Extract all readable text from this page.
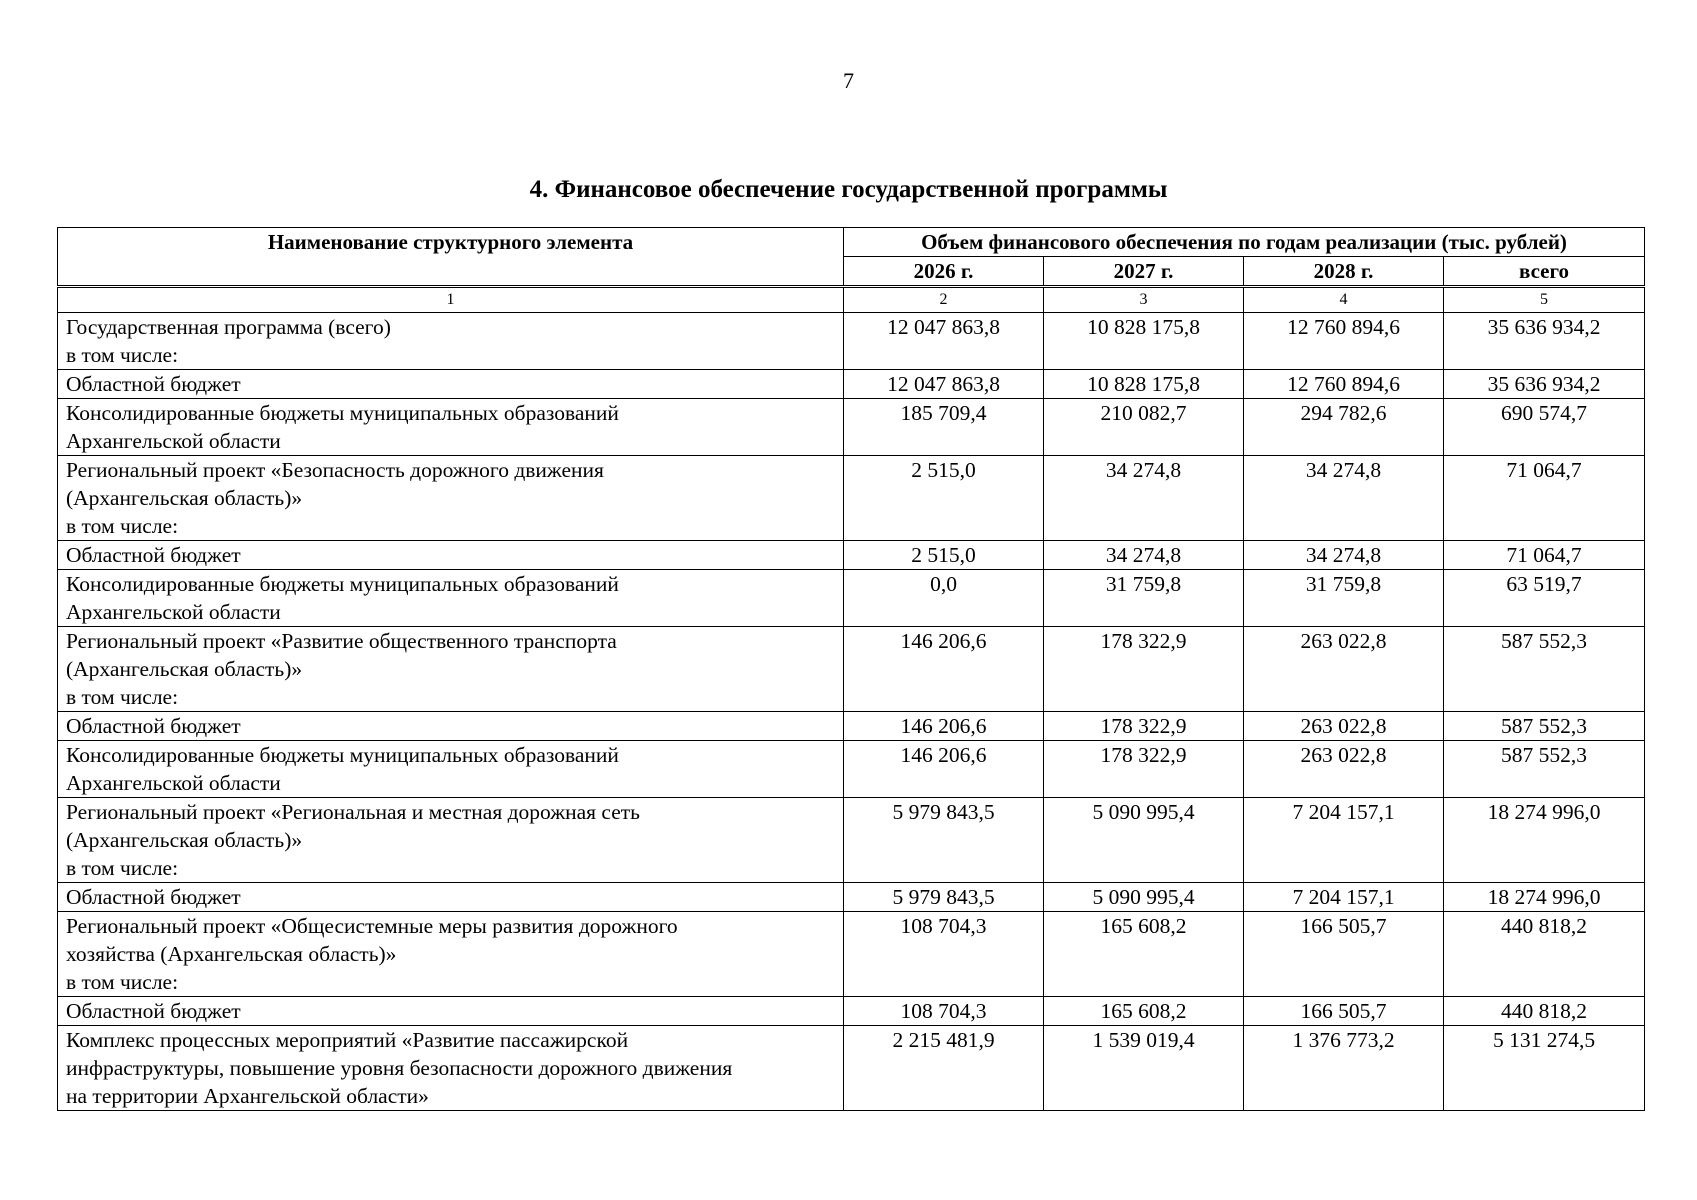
7
4. Финансовое обеспечение государственной программы
Наименование структурного элемента	Объем финансового обеспечения по годам реализации (тыс. рублей)			
	2026 г.	2027 г.	2028 г.	всего

1	2	3	4	5

Государственная программа (всего)
в том числе:	12 047 863,8	10 828 175,8	12 760 894,6	35 636 934,2

Областной бюджет	12 047 863,8	10 828 175,8	12 760 894,6	35 636 934,2

Консолидированные бюджеты муниципальных образований
Архангельской области	185 709,4	210 082,7	294 782,6	690 574,7

Региональный проект «Безопасность дорожного движения
(Архангельская область)»
в том числе:	2 515,0	34 274,8	34 274,8	71 064,7

Областной бюджет	2 515,0	34 274,8	34 274,8	71 064,7

Консолидированные бюджеты муниципальных образований
Архангельской области	0,0	31 759,8	31 759,8	63 519,7

Региональный проект «Развитие общественного транспорта
(Архангельская область)»
в том числе:	146 206,6	178 322,9	263 022,8	587 552,3

Областной бюджет	146 206,6	178 322,9	263 022,8	587 552,3

Консолидированные бюджеты муниципальных образований
Архангельской области	146 206,6	178 322,9	263 022,8	587 552,3

Региональный проект «Региональная и местная дорожная сеть
(Архангельская область)»
в том числе:	5 979 843,5	5 090 995,4	7 204 157,1	18 274 996,0

Областной бюджет	5 979 843,5	5 090 995,4	7 204 157,1	18 274 996,0

Региональный проект «Общесистемные меры развития дорожного
хозяйства (Архангельская область)»
в том числе:	108 704,3	165 608,2	166 505,7	440 818,2

Областной бюджет	108 704,3	165 608,2	166 505,7	440 818,2

Комплекс процессных мероприятий «Развитие пассажирской
инфраструктуры, повышение уровня безопасности дорожного движения
на территории Архангельской области»	2 215 481,9	1 539 019,4	1 376 773,2	5 131 274,5
